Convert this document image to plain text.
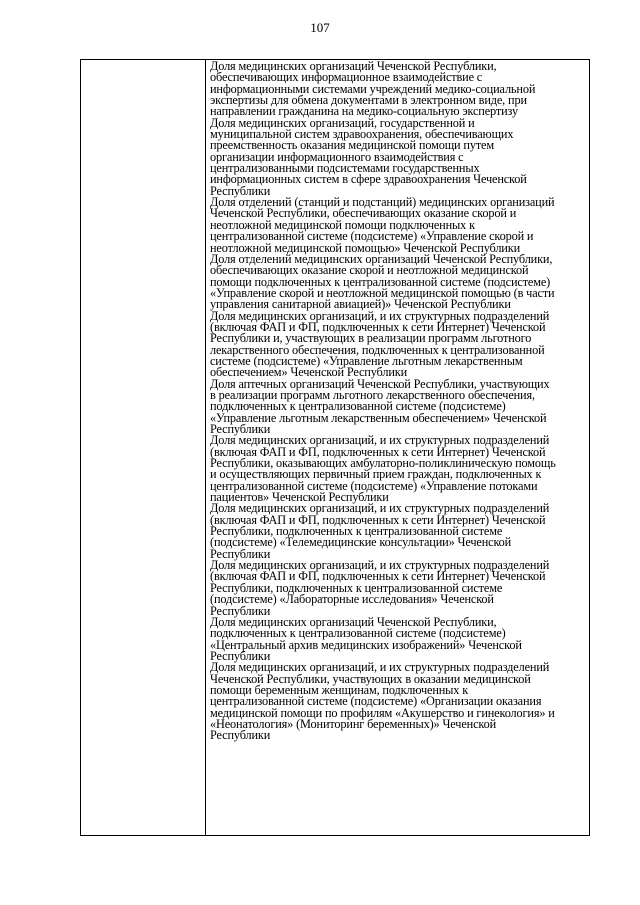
107

Доля медицинских организаций Чеченской Республики,
обеспечивающих информационное взаимодействие с
информационными системами учреждений медико-социальной
экспертизы для обмена документами в электронном виде, при
направлении гражданина на медико-социальную экспертизу

Доля медицинских организаций, государственной и
муниципальной систем здравоохранения, обеспечивающих
преемственность оказания медицинской помощи путем
организации информационного взаимодействия с
централизованными подсистемами государственных
информационных систем в сфере здравоохранения Чеченской
Республики

Доля отделений (станций и подстанций) медицинских организаций
Чеченской Республики, обеспечивающих оказание скорой и
неотложной медицинской помощи подключенных к
централизованной системе (подсистеме) «Управление скорой и
неотложной медицинской помощью» Чеченской Республики

Доля отделений медицинских организаций Чеченской Республики,
обеспечивающих оказание скорой и неотложной медицинской
помощи подключенных к централизованной системе (подсистеме)
«Управление скорой и неотложной медицинской помощью (в части
управления санитарной авиацией)» Чеченской Республики

Доля медицинских организаций, и их структурных подразделений
(включая ФАП и ФП, подключенных к сети Интернет) Чеченской
Республики и, участвующих в реализации программ льготного
лекарственного обеспечения, подключенных к централизованной
системе (подсистеме) «Управление льготным лекарственным
обеспечением» Чеченской Республики

Доля аптечных организаций Чеченской Республики, участвующих
в реализации программ льготного лекарственного обеспечения,
подключенных к централизованной системе (подсистеме)
«Управление льготным лекарственным обеспечением» Чеченской
Республики

Доля медицинских организаций, и их структурных подразделений
(включая ФАП и ФП, подключенных к сети Интернет) Чеченской
Республики, оказывающих амбулаторно-поликлиническую помощь
и осуществляющих первичный прием граждан, подключенных к
централизованной системе (подсистеме) «Управление потоками
пациентов» Чеченской Республики

Доля медицинских организаций, и их структурных подразделений
(включая ФАП и ФП, подключенных к сети Интернет) Чеченской
Республики, подключенных к централизованной системе
(подсистеме) «Телемедицинские консультации» Чеченской
Республики

Доля медицинских организаций, и их структурных подразделений
(включая ФАП и ФП, подключенных к сети Интернет) Чеченской
Республики, подключенных к централизованной системе
(подсистеме) «Лабораторные исследования» Чеченской
Республики

Доля медицинских организаций Чеченской Республики,
подключенных к централизованной системе (подсистеме)
«Центральный архив медицинских изображений» Чеченской
Республики

Доля медицинских организаций, и их структурных подразделений
Чеченской Республики, участвующих в оказании медицинской
помощи беременным женщинам, подключенных к
централизованной системе (подсистеме) «Организации оказания
медицинской помощи по профилям «Акушерство и гинекология» и
«Неонатология» (Мониторинг беременных)» Чеченской
Республики
